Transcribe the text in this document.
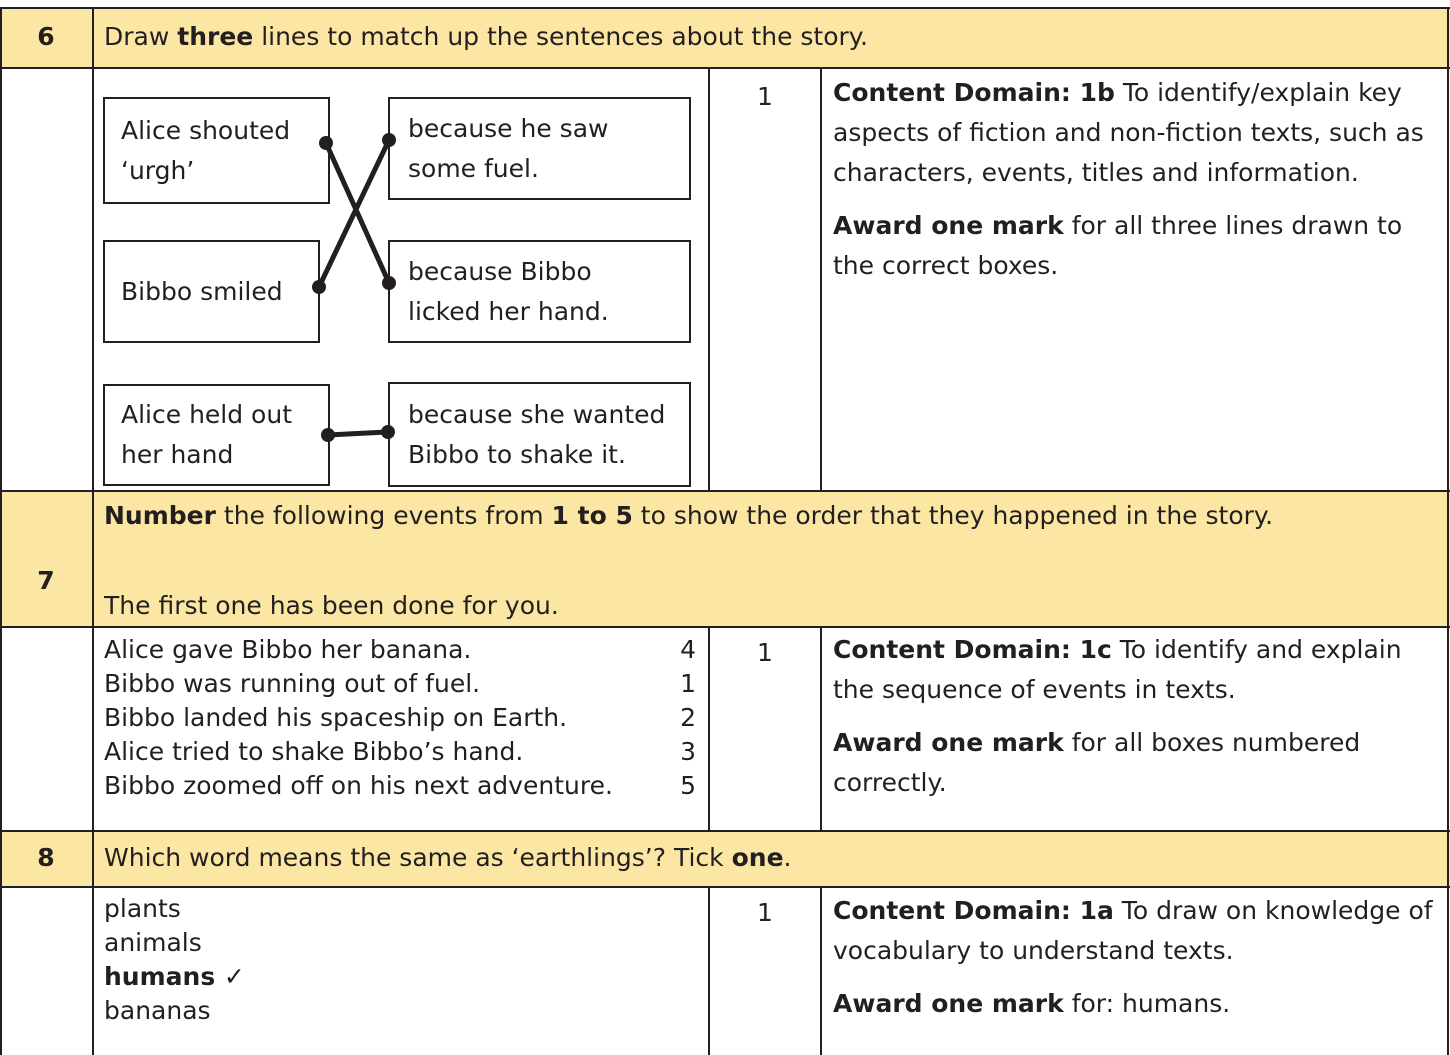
6	Draw three lines to match up the sentences about the story.
Alice shouted
‘urgh’
Bibbo smiled
Alice held out
her hand
because he saw
some fuel.
because Bibbo
licked her hand.
because she wanted
Bibbo to shake it.
1	Content Domain: 1b To identify/explain key aspects of fiction and non-fiction texts, such as characters, events, titles and information.

Award one mark for all three lines drawn to the correct boxes.

7
Number the following events from 1 to 5 to show the order that they happened in the story.
The first one has been done for you.
Alice gave Bibbo her banana.	4
Bibbo was running out of fuel.	1
Bibbo landed his spaceship on Earth.	2
Alice tried to shake Bibbo’s hand.	3
Bibbo zoomed off on his next adventure.	5
1	Content Domain: 1c To identify and explain the sequence of events in texts.

Award one mark for all boxes numbered correctly.

8	Which word means the same as ‘earthlings’? Tick one.
plants
animals
humans ✓
bananas
1	Content Domain: 1a To draw on knowledge of vocabulary to understand texts.

Award one mark for: humans.
